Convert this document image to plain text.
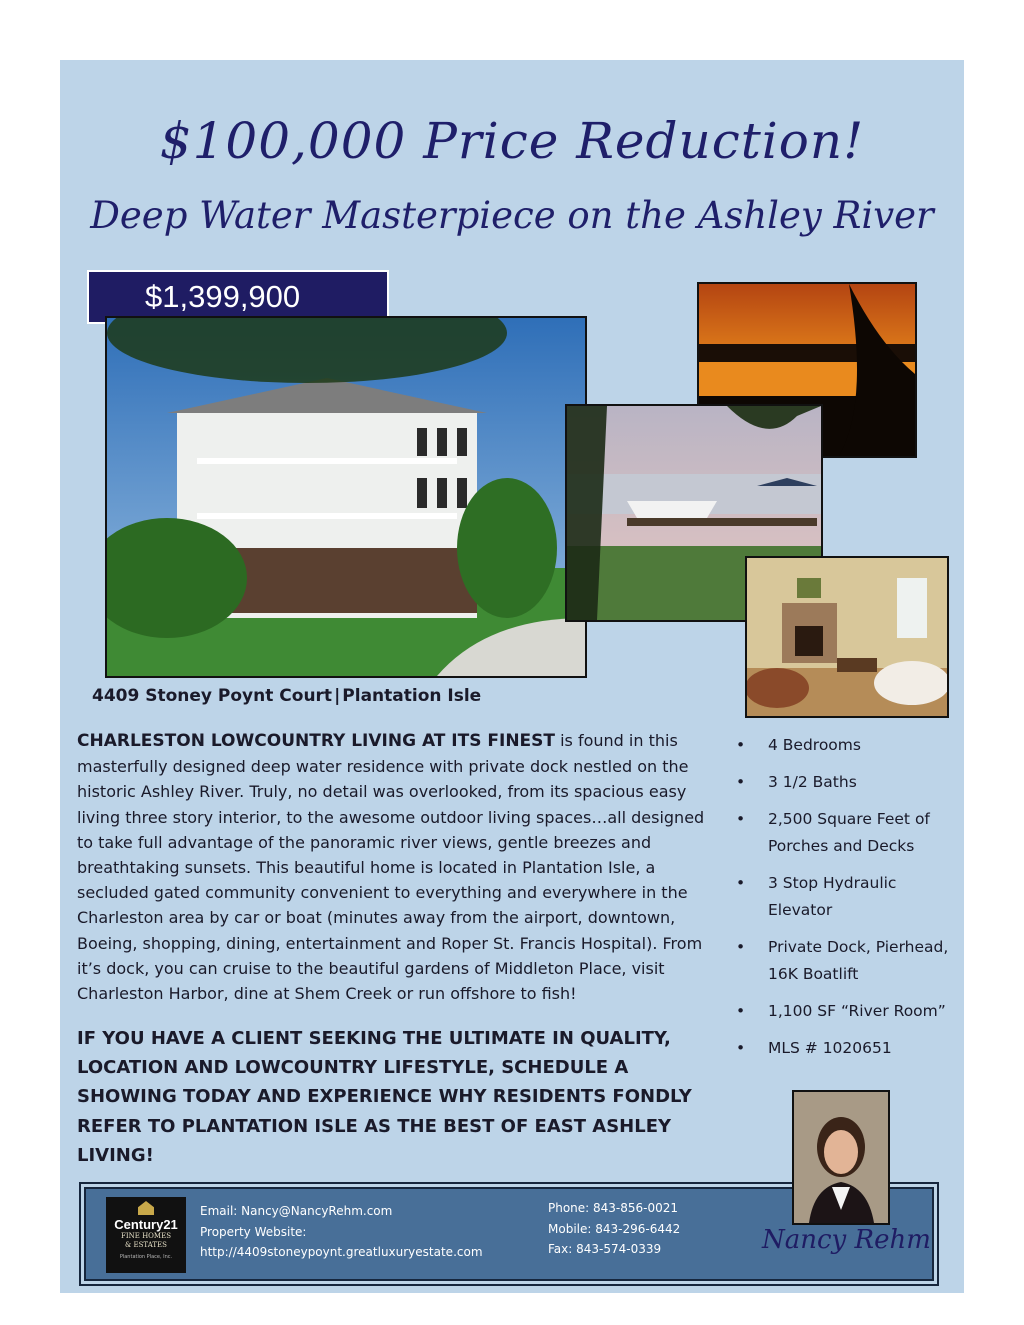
$100,000 Price Reduction!
Deep Water Masterpiece on the Ashley River
$1,399,900
4409 Stoney Poynt Court | Plantation Isle
CHARLESTON LOWCOUNTRY LIVING AT ITS FINEST is found in this masterfully designed deep water residence with private dock nestled on the historic Ashley River. Truly, no detail was overlooked, from its spacious easy living three story interior, to the awesome outdoor living spaces…all designed to take full advantage of the panoramic river views, gentle breezes and breathtaking sunsets. This beautiful home is located in Plantation Isle, a secluded gated community convenient to everything and everywhere in the Charleston area by car or boat (minutes away from the airport, downtown, Boeing, shopping, dining, entertainment and Roper St. Francis Hospital). From it’s dock, you can cruise to the beautiful gardens of Middleton Place, visit Charleston Harbor, dine at Shem Creek or run offshore to fish!
IF YOU HAVE A CLIENT SEEKING THE ULTIMATE IN QUALITY, LOCATION AND LOWCOUNTRY LIFESTYLE, SCHEDULE A SHOWING TODAY AND EXPERIENCE WHY RESIDENTS FONDLY REFER TO PLANTATION ISLE AS THE BEST OF EAST ASHLEY LIVING!
• 4 Bedrooms
• 3 1/2 Baths
• 2,500 Square Feet of Porches and Decks
• 3 Stop Hydraulic Elevator
• Private Dock, Pierhead, 16K Boatlift
• 1,100 SF “River Room”
• MLS # 1020651
Century21
FINE HOMES
& ESTATES
Plantation Place, Inc.
Email: Nancy@NancyRehm.com
Property Website:
http://4409stoneypoynt.greatluxuryestate.com
Phone: 843-856-0021
Mobile: 843-296-6442
Fax: 843-574-0339	Nancy Rehm
